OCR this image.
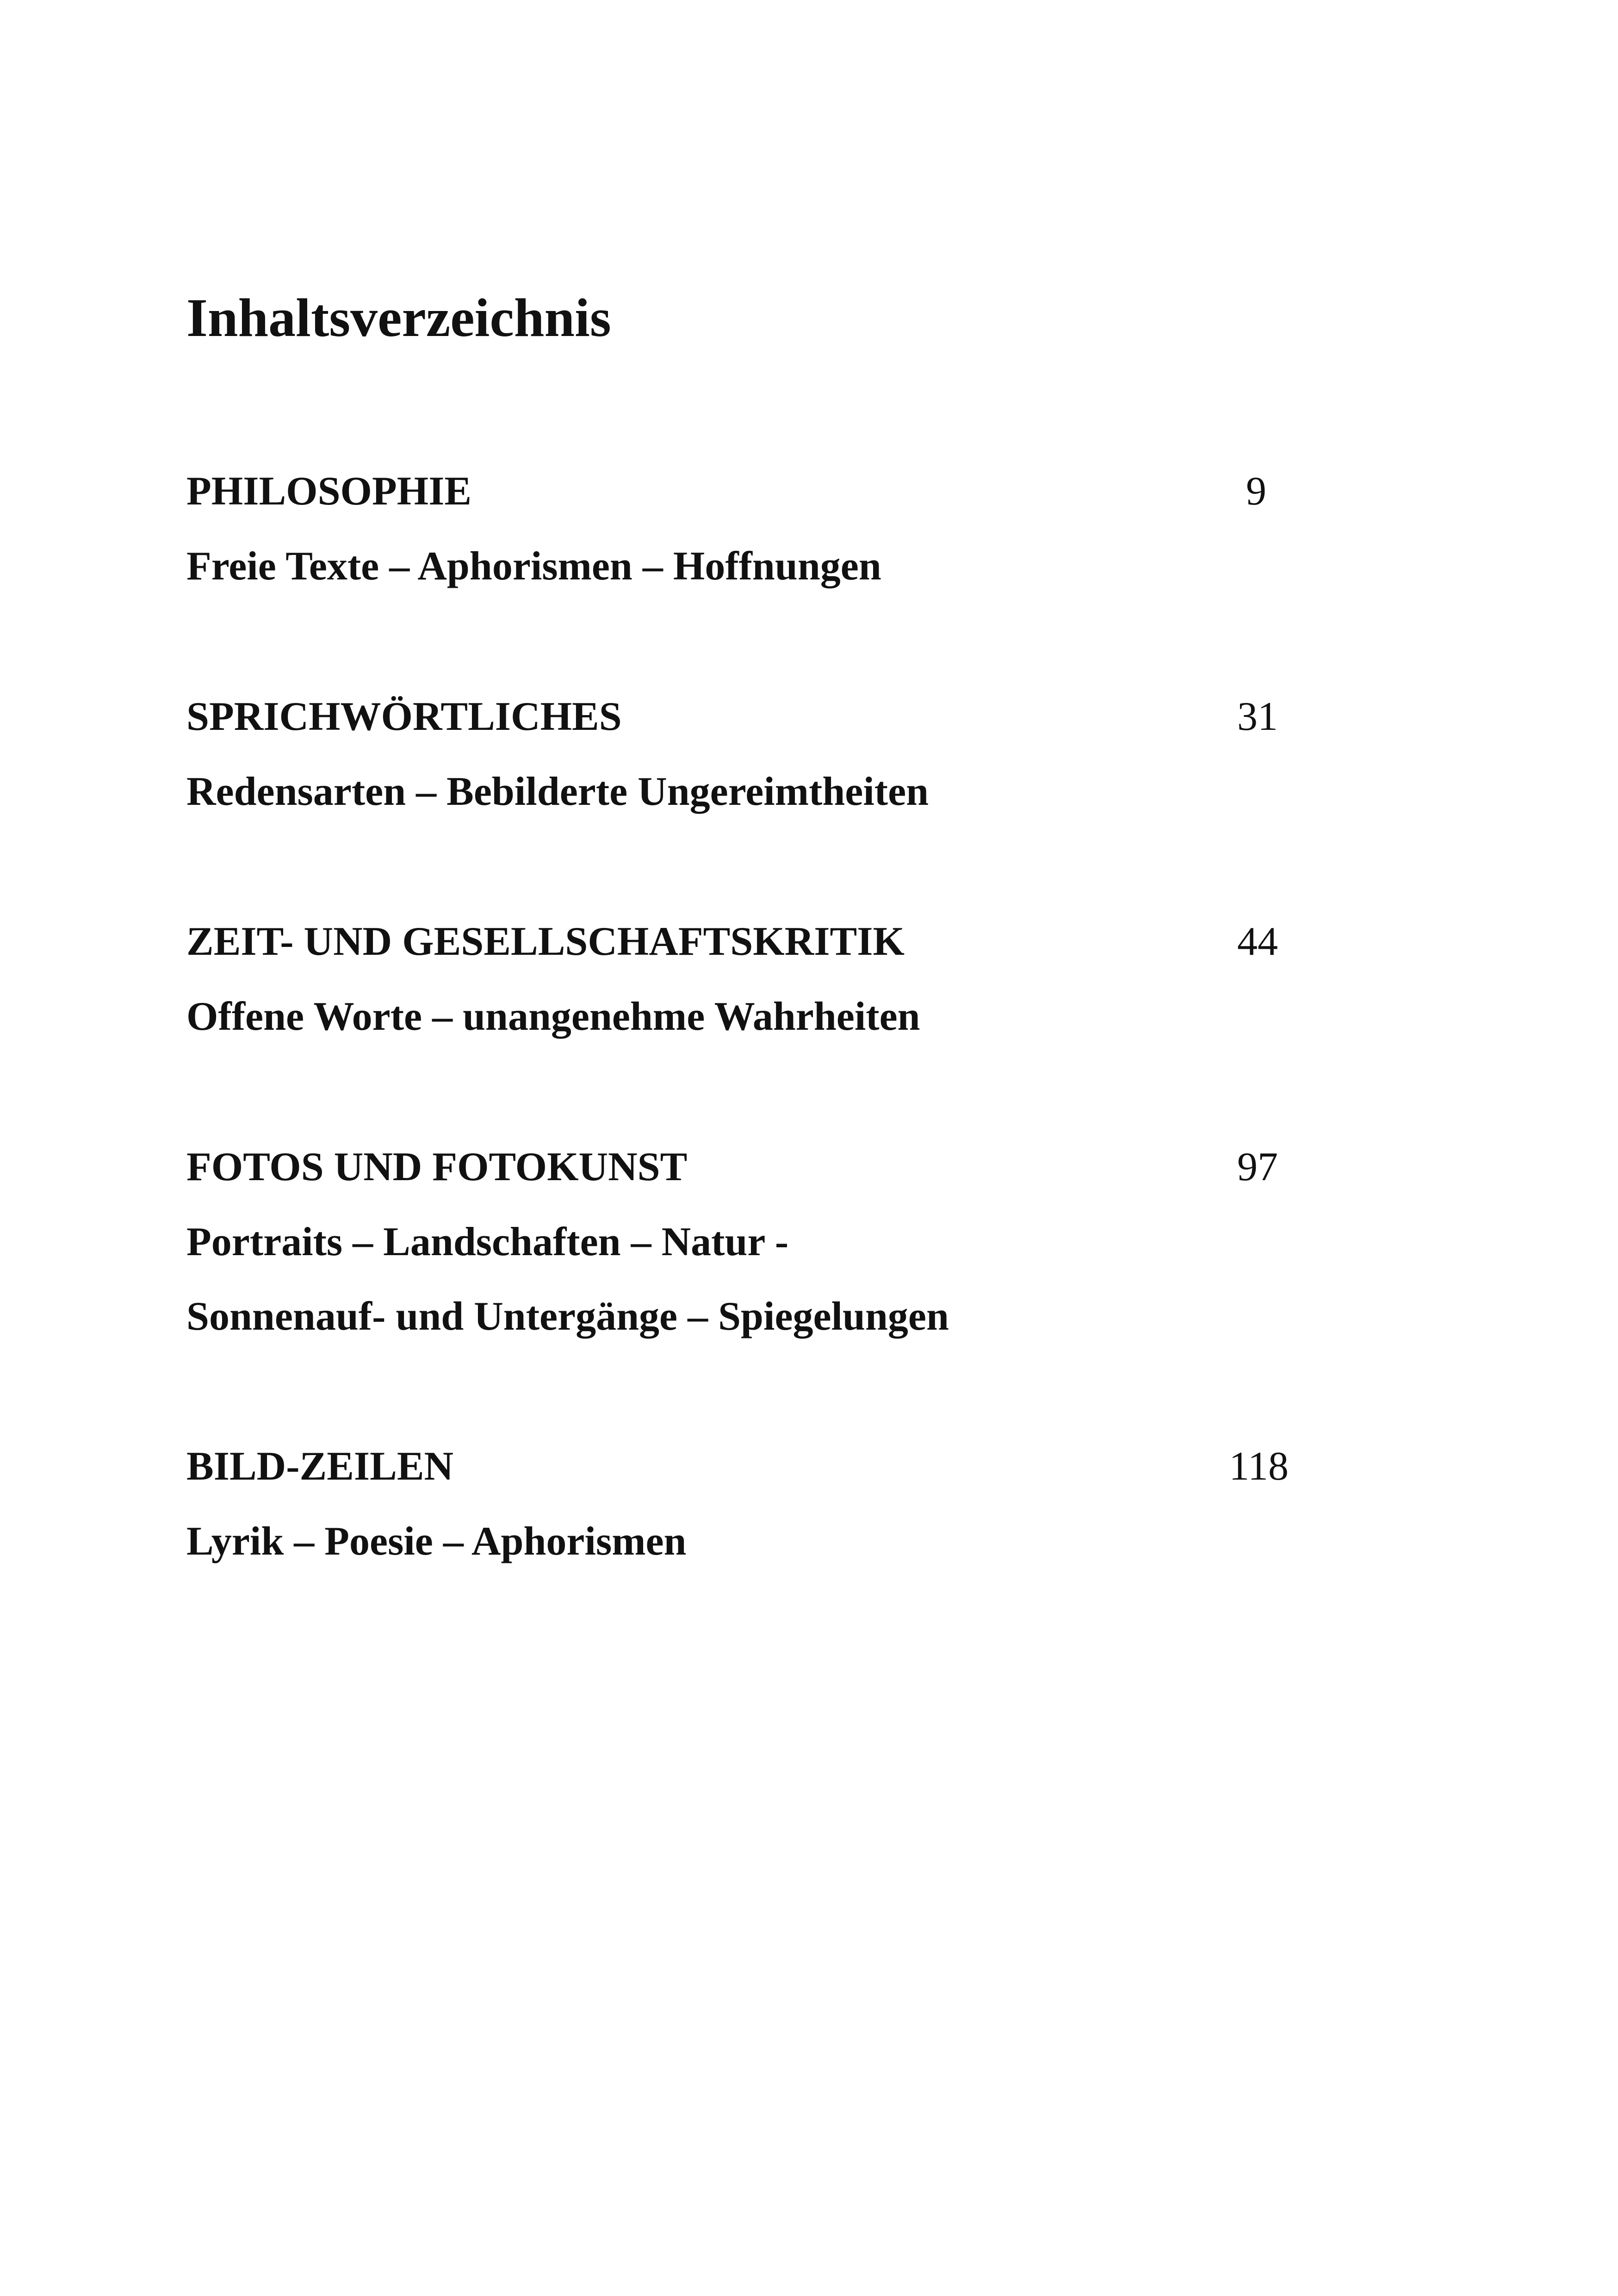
Inhaltsverzeichnis
PHILOSOPHIE	9
Freie Texte – Aphorismen – Hoffnungen
SPRICHWÖRTLICHES	31
Redensarten – Bebilderte Ungereimtheiten
ZEIT- UND GESELLSCHAFTSKRITIK	44
Offene Worte – unangenehme Wahrheiten
FOTOS UND FOTOKUNST	97
Portraits – Landschaften – Natur -
Sonnenauf- und Untergänge – Spiegelungen
BILD-ZEILEN	118
Lyrik – Poesie – Aphorismen
